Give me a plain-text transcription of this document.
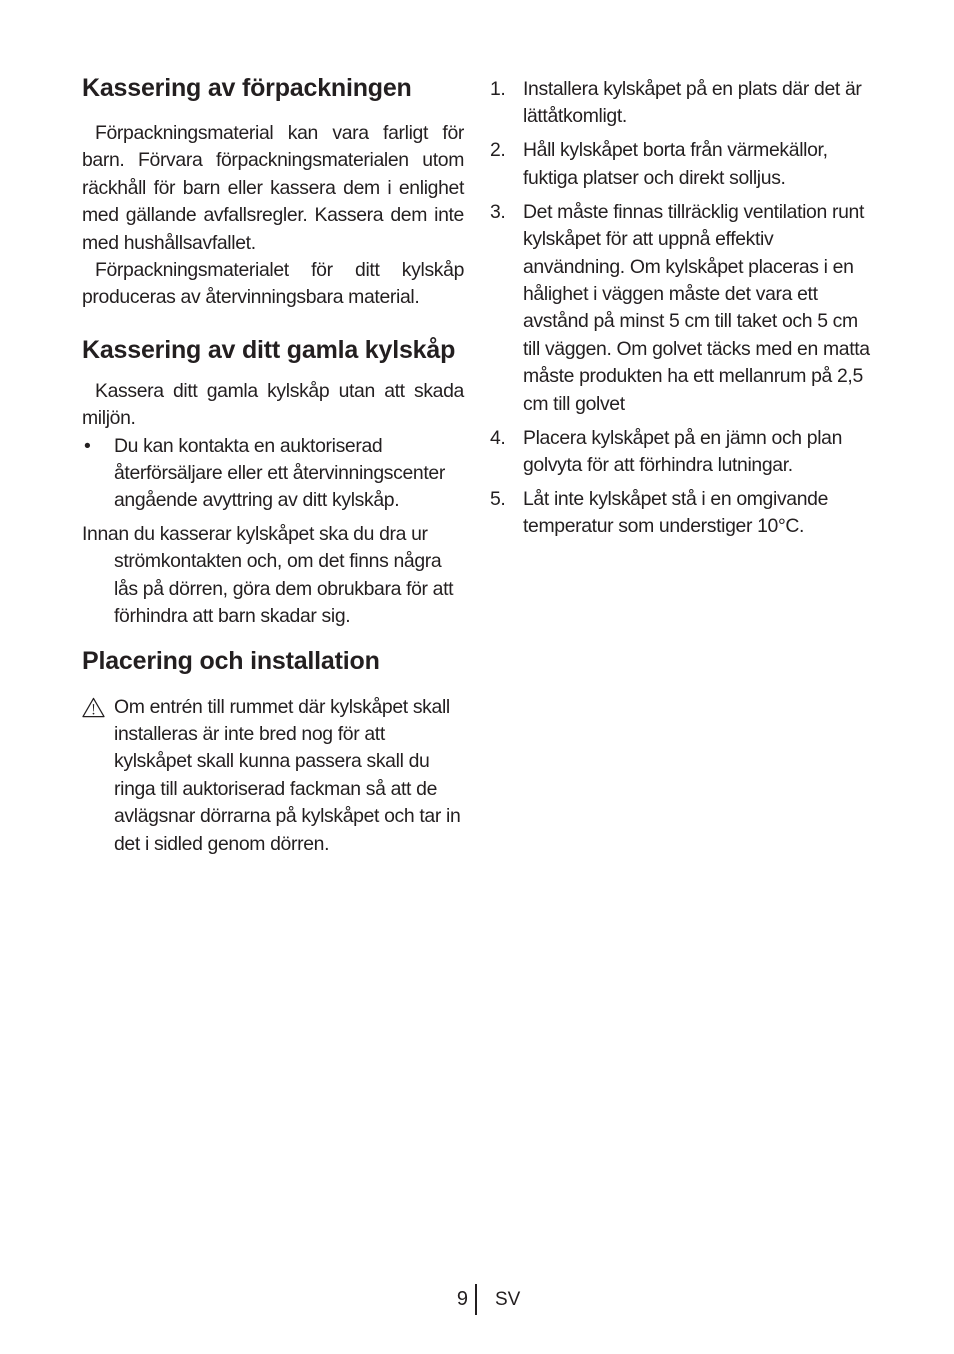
Kassering av förpackningen

Förpackningsmaterial kan vara farligt för barn. Förvara förpackningsmaterialen utom räckhåll för barn eller kassera dem i enlighet med gällande avfallsregler. Kassera dem inte med hushållsavfallet.

Förpackningsmaterialet för ditt kylskåp produceras av återvinningsbara material.

Kassering av ditt gamla kylskåp

Kassera ditt gamla kylskåp utan att skada miljön.

• Du kan kontakta en auktoriserad återförsäljare eller ett återvinningscenter angående avyttring av ditt kylskåp.

Innan du kasserar kylskåpet ska du dra ur strömkontakten och, om det finns några lås på dörren, göra dem obrukbara för att förhindra att barn skadar sig.

Placering och installation
Om entrén till rummet där kylskåpet skall installeras är inte bred nog för att kylskåpet skall kunna passera skall du ringa till auktoriserad fackman så att de avlägsnar dörrarna på kylskåpet och tar in det i sidled genom dörren.
1. Installera kylskåpet på en plats där det är lättåtkomligt.
2. Håll kylskåpet borta från värmekällor, fuktiga platser och direkt solljus.
3. Det måste finnas tillräcklig ventilation runt kylskåpet för att uppnå effektiv användning. Om kylskåpet placeras i en hålighet i väggen måste det vara ett avstånd på minst 5 cm till taket och 5 cm till väggen. Om golvet täcks med en matta måste produkten ha ett mellanrum på 2,5 cm till golvet
4. Placera kylskåpet på en jämn och plan golvyta för att förhindra lutningar.
5. Låt inte kylskåpet stå i en omgivande temperatur som understiger 10°C.
9 SV
